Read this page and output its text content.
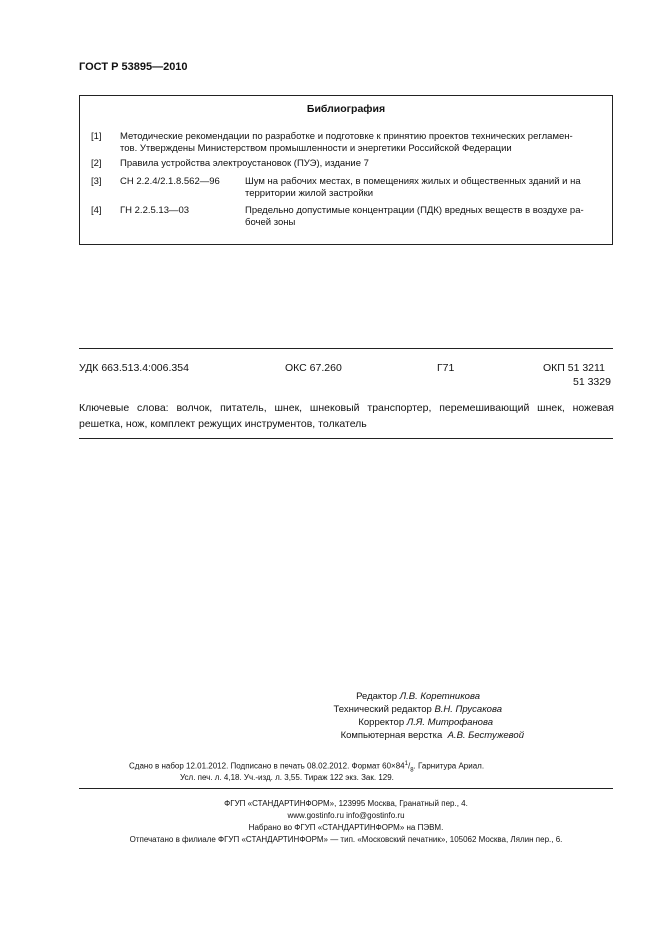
ГОСТ Р 53895—2010
Библиография
[1] Методические рекомендации по разработке и подготовке к принятию проектов технических регламен-
тов. Утверждены Министерством промышленности и энергетики Российской Федерации
[2] Правила устройства электроустановок (ПУЭ), издание 7
[3] СН 2.2.4/2.1.8.562—96	Шум на рабочих местах, в помещениях жилых и общественных зданий и на
территории жилой застройки
[4] ГН 2.2.5.13—03	Предельно допустимые концентрации (ПДК) вредных веществ в воздухе ра-
бочей зоны
УДК 663.513.4:006.354	ОКС 67.260	Г71	ОКП 51 3211
51 3329
Ключевые слова: волчок, питатель, шнек, шнековый транспортер, перемешивающий шнек, ножевая решетка, нож, комплект режущих инструментов, толкатель
Редактор Л.В. Коретникова
Технический редактор В.Н. Прусакова
Корректор Л.Я. Митрофанова
Компьютерная верстка А.В. Бестужевой
Сдано в набор 12.01.2012. Подписано в печать 08.02.2012. Формат $60\times 84^1/_8$. Гарнитура Ариал.
Усл. печ. л. 4,18. Уч.-изд. л. 3,55. Тираж 122 экз. Зак. 129.
ФГУП «СТАНДАРТИНФОРМ», 123995 Москва, Гранатный пер., 4.
www.gostinfo.ru info@gostinfo.ru
Набрано во ФГУП «СТАНДАРТИНФОРМ» на ПЭВМ.
Отпечатано в филиале ФГУП «СТАНДАРТИНФОРМ» — тип. «Московский печатник», 105062 Москва, Лялин пер., 6.
